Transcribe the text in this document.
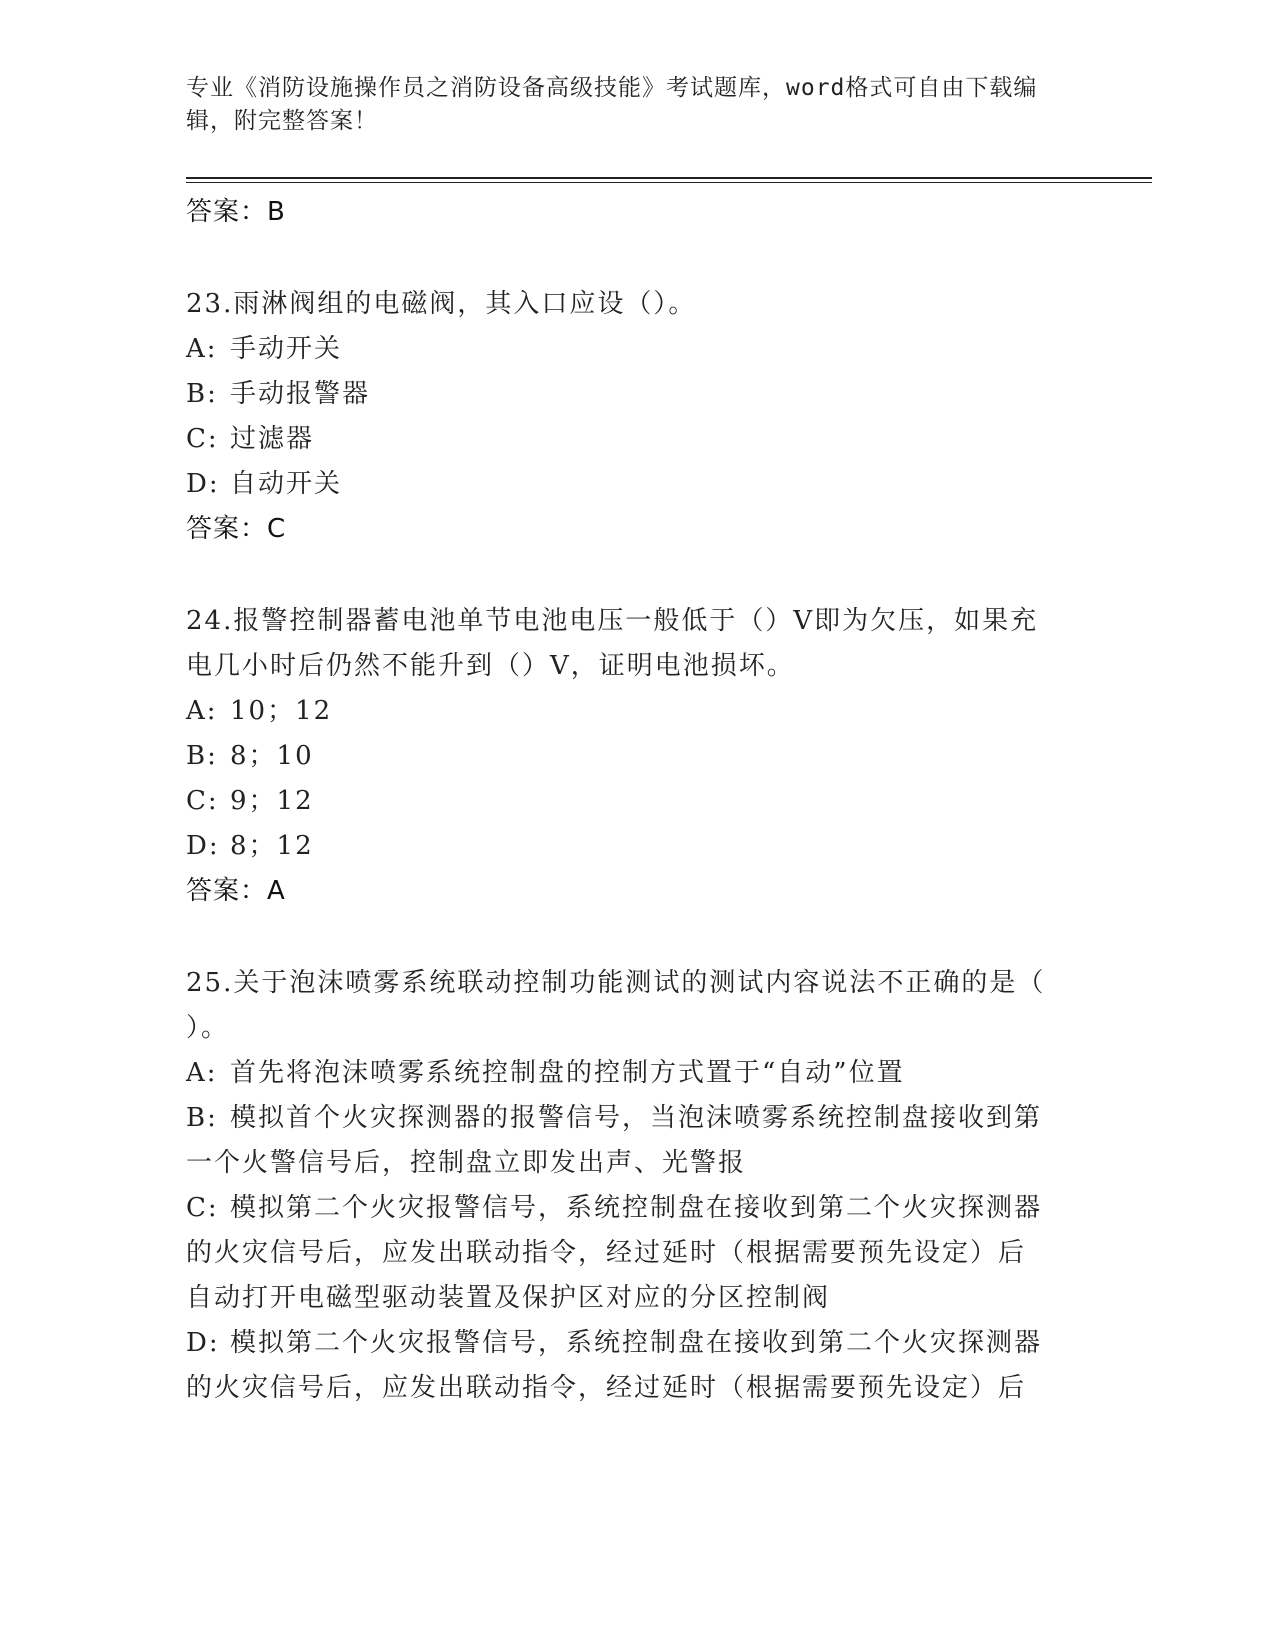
专业《消防设施操作员之消防设备高级技能》考试题库，word格式可自由下载编
辑，附完整答案！
答案：B
23.雨淋阀组的电磁阀，其入口应设（）。
A: 手动开关
B: 手动报警器
C: 过滤器
D: 自动开关
答案：C
24.报警控制器蓄电池单节电池电压一般低于（）V即为欠压，如果充
电几小时后仍然不能升到（）V，证明电池损坏。
A: 10；12
B: 8；10
C: 9；12
D: 8；12
答案：A
25.关于泡沫喷雾系统联动控制功能测试的测试内容说法不正确的是（
）。
A: 首先将泡沫喷雾系统控制盘的控制方式置于“自动”位置
B: 模拟首个火灾探测器的报警信号，当泡沫喷雾系统控制盘接收到第
一个火警信号后，控制盘立即发出声、光警报
C: 模拟第二个火灾报警信号，系统控制盘在接收到第二个火灾探测器
的火灾信号后，应发出联动指令，经过延时（根据需要预先设定）后
自动打开电磁型驱动装置及保护区对应的分区控制阀
D: 模拟第二个火灾报警信号，系统控制盘在接收到第二个火灾探测器
的火灾信号后，应发出联动指令，经过延时（根据需要预先设定）后
